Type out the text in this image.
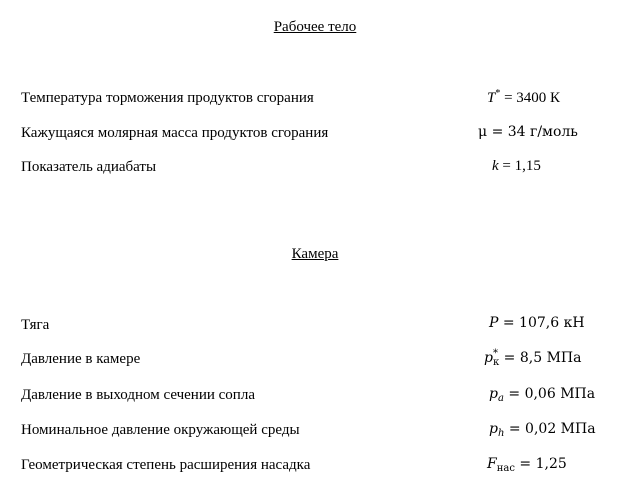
Рабочее тело
Температура торможения продуктов сгорания	T* = 3400 К
Кажущаяся молярная масса продуктов сгорания	μ = 34 г/моль
Показатель адиабаты	k = 1,15
Камера
Тяга	P = 107,6 кН
Давление в камере	$p^*_к = 8,5$ МПа
Давление в выходном сечении сопла	$p_a = 0,06$ МПа
Номинальное давление окружающей среды	$p_h = 0,02$ МПа
Геометрическая степень расширения насадка	$F_{нас} = 1,25$
